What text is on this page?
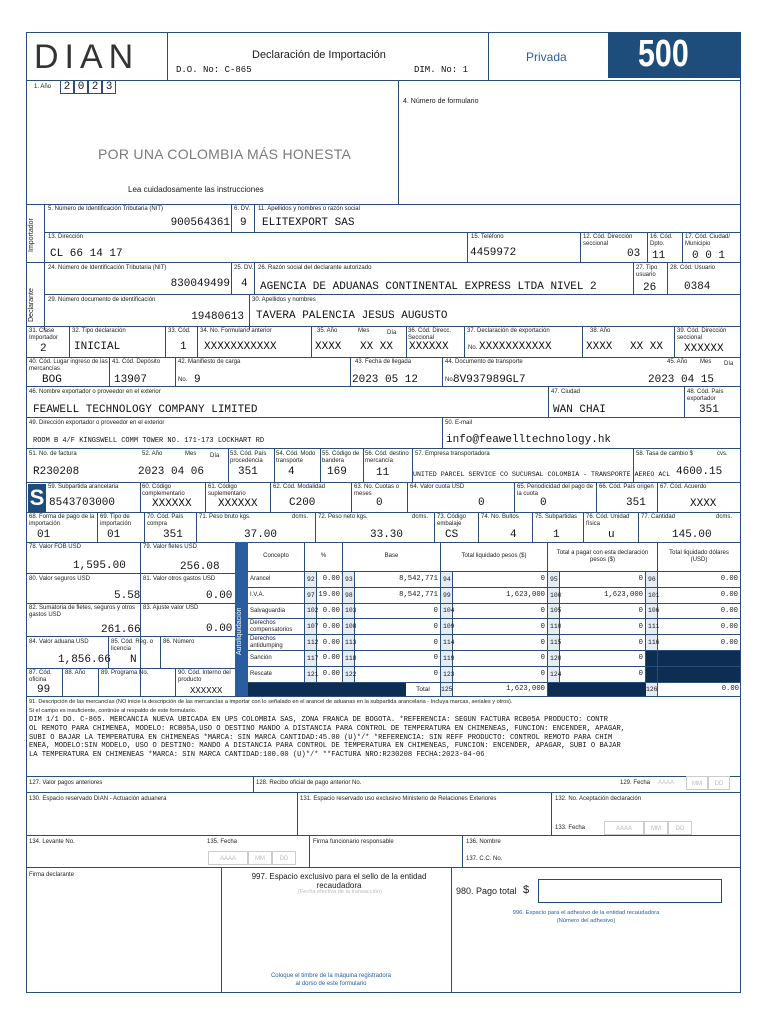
DIAN	Declaración de Importación
D.O. No: C-865	DIM. No: 1
Privada 500
1. Año	2 0 2 3
4. Número de formulario
POR UNA COLOMBIA MÁS HONESTA
Lea cuidadosamente las instrucciones
Importador
Declarante
5. Número de Identificación Tributaria (NIT)
900564361
6. DV.
9
11. Apellidos y nombres o razón social
ELITEXPORT SAS
13. Dirección
CL 66 14 17
15. Teléfono
4459972
12. Cód. Dirección seccional
03
16. Cód. Dpto.
11
17. Cód. Ciudad/ Municipio
0 0 1
24. Número de Identificación Tributaria (NIT)
830049499
25. DV.
4
26. Razón social del declarante autorizado
AGENCIA DE ADUANAS CONTINENTAL EXPRESS LTDA NIVEL 2
27. Tipo usuario
26
28. Cód. Usuario
0384
29. Número documento de identificación
19480613
30. Apellidos y nombres
TAVERA PALENCIA JESUS AUGUSTO
31. Clase Importador
2
32. Tipo declaración
INICIAL
33. Cód.
1
34. No. Formulario anterior
XXXXXXXXXXX
35. Año
XXXX
Mes	Día
XX XX
36. Cód. Direcc. Seccional
XXXXXX
37. Declaración de exportación
No. XXXXXXXXXXX
38. Año
XXXX XX XX
39. Cód. Dirección seccional
XXXXXX
40. Cód. Lugar ingreso de las mercancías
BOG
41. Cód. Depósito
13907
42. Manifiesto de carga
No. 9
43. Fecha de llegada
2023 05 12
44. Documento de transporte
No.
8V937989GL7
45. Año Mes Día
2023 04 15
46. Nombre exportador o proveedor en el exterior
FEAWELL TECHNOLOGY COMPANY LIMITED
47. Ciudad
WAN CHAI
48. Cód. País exportador
351
49. Dirección exportador o proveedor en el exterior
ROOM B 4/F KINGSWELL COMM TOWER NO. 171-173 LOCKHART RD
50. E-mail
info@feawelltechnology.hk
51. No. de factura
R230208
52. Año	Mes Día
2023 04 06
53. Cód. País procedencia
351
54. Cód. Modo transporte
4
55. Código de bandera
169
56. Cód. destino mercancía
11
57. Empresa transportadora
UNITED PARCEL SERVICE CO SUCURSAL COLOMBIA - TRANSPORTE AEREO ACL
58. Tasa de cambio $	cvs.
4600.15
S 59. Subpartida arancelaria
8543703000
60. Código complementario
XXXXXX
61. Código suplementario
XXXXXX
62. Cód. Modalidad
C200
63. No. Cuotas o meses
0
64. Valor cuota USD
0
65. Periodicidad del pago de la cuota
0
66. Cód. País origen
351
67. Cód. Acuerdo
XXXX
68. Forma de pago de la importación
01
69. Tipo de importación
01
70. Cód. País compra
351
71. Peso bruto kgs.	dcms.
37.00
72. Peso neto kgs.	dcms.
33.30
73. Código embalaje
CS
74. No. Bultos
4
75. Subpartidas
1
76. Cód. Unidad física
u
77. Cantidad	dcms.
145.00
78. Valor FOB USD
1,595.00
79. Valor fletes USD
256.08
80. Valor seguros USD
5.58
81. Valor otros gastos USD
0.00
82. Sumatoria de fletes, seguros y otros gastos USD
261.66
83. Ajuste valor USD
0.00
84. Valor aduana USD
1,856.66
85. Cód. Reg. o licencia
N
86. Número
87. Cód. oficina
99
88. Año	89. Programa No.	90. Cód. Interno del producto
XXXXXX
Autoliquidación
Concepto	%	Base	Total liquidado pesos ($)
Total a pagar con esta declaración pesos ($)
Total liquidado dólares (USD)
Arancel	92	0.00 93	8,542,771 94	0 95	0 96	0.00
I.V.A.	97 19.00 98	8,542,771 99	1,623,000 100	1,623,000 101	0.00
Salvaguardia	102 0.00 103	0 104	0 105	0 106	0.00
Derechos compensatorios	107 0.00 108	0 109	0 110	0 111	0.00
Derechos antidumping	112 0.00 113	0 114	0 115	0 116	0.00
Sanción	117 0.00 118	0 119	0 120	0
Rescate	121 0.00 122	0 123	0 124	0
Total	125	1,623,000	126	0.00
91. Descripción de las mercancías (NO inicie la descripción de las mercancías a importar con lo señalado en el arancel de aduanas en la subpartida arancelaria - Incluya marcas, seriales y otros).
Si el campo es insuficiente, continúe al respaldo de este formulario.
DIM 1/1 DO. C-865. MERCANCIA NUEVA UBICADA EN UPS COLOMBIA SAS, ZONA FRANCA DE BOGOTA. *REFERENCIA: SEGUN FACTURA RCB05A PRODUCTO: CONTR
OL REMOTO PARA CHIMENEA, MODELO: RCB05A,USO O DESTINO MANDO A DISTANCIA PARA CONTROL DE TEMPERATURA EN CHIMENEAS, FUNCION: ENCENDER, APAGAR,
SUBI O BAJAR LA TEMPERATURA EN CHIMENEAS *MARCA: SIN MARCA CANTIDAD:45.00 (U)*/* *REFERENCIA: SIN REFF PRODUCTO: CONTROL REMOTO PARA CHIM
ENEA, MODELO:SIN MODELO, USO O DESTINO: MANDO A DISTANCIA PARA CONTROL DE TEMPERATURA EN CHIMENEAS, FUNCION: ENCENDER, APAGAR, SUBI O BAJAR
LA TEMPERATURA EN CHIMENEAS *MARCA: SIN MARCA CANTIDAD:100.00 (U)*/* **FACTURA NRO:R230208 FECHA:2023-04-06
127. Valor pagos anteriores	128. Recibo oficial de pago anterior No.	129. Fecha	AAAA	MM	DD
130. Espacio reservado DIAN - Actuación aduanera	131. Espacio reservado uso exclusivo Ministerio de Relaciones Exteriores	132. No. Aceptación declaración
133. Fecha	AAAA	MM	DD
134. Levante No.	135. Fecha
AAAA	MM	DD
Firma funcionario responsable	136. Nombre
137. C.C. No.
Firma declarante	997. Espacio exclusivo para el sello de la entidad recaudadora
(Fecha efectiva de la transacción)
Coloque el timbre de la máquina registradora al dorso de este formulario
980. Pago total $
996. Espacio para el adhesivo de la entidad recaudadora
(Número del adhesivo)
